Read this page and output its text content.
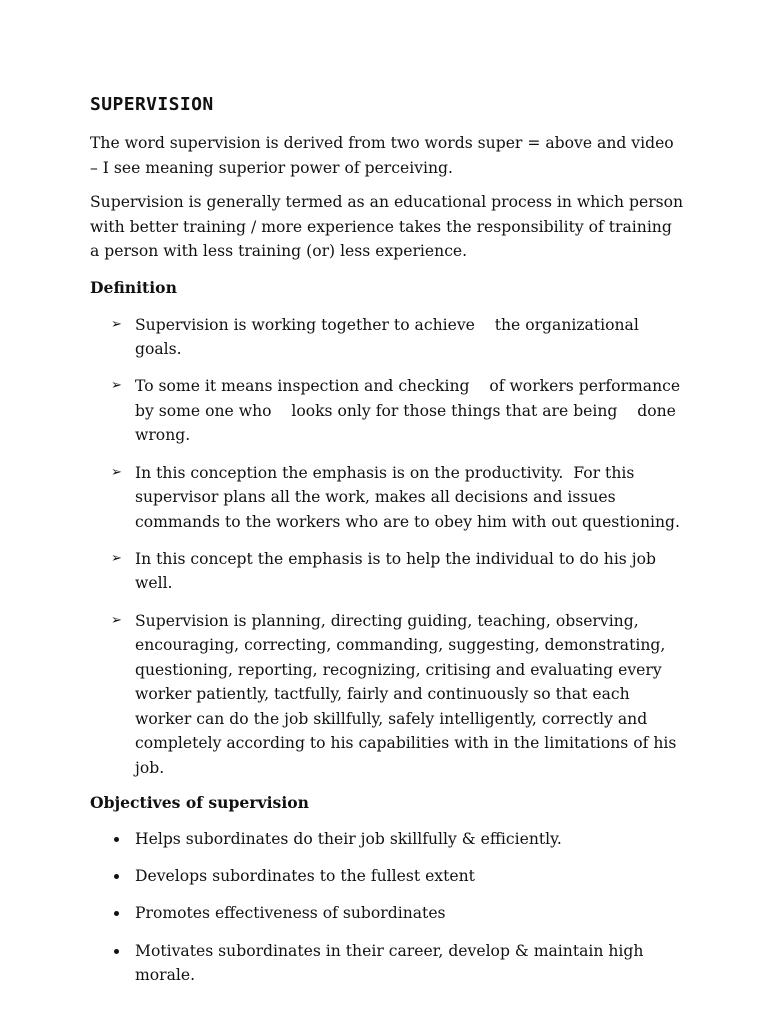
SUPERVISION

The word supervision is derived from two words super = above and video – I see meaning superior power of perceiving.

Supervision is generally termed as an educational process in which person with better training / more experience takes the responsibility of training a person with less training (or) less experience.

Definition
➢ Supervision is working together to achieve    the organizational goals.
➢ To some it means inspection and checking    of workers performance by some one who    looks only for those things that are being    done wrong.
➢ In this conception the emphasis is on the productivity.  For this supervisor plans all the work, makes all decisions and issues commands to the workers who are to obey him with out questioning.
➢ In this concept the emphasis is to help the individual to do his job well.
➢ Supervision is planning, directing guiding, teaching, observing, encouraging, correcting, commanding, suggesting, demonstrating, questioning, reporting, recognizing, critising and evaluating every worker patiently, tactfully, fairly and continuously so that each worker can do the job skillfully, safely intelligently, correctly and completely according to his capabilities with in the limitations of his job.
Objectives of supervision
Helps subordinates do their job skillfully & efficiently.
Develops subordinates to the fullest extent
Promotes effectiveness of subordinates
Motivates subordinates in their career, develop & maintain high morale.
